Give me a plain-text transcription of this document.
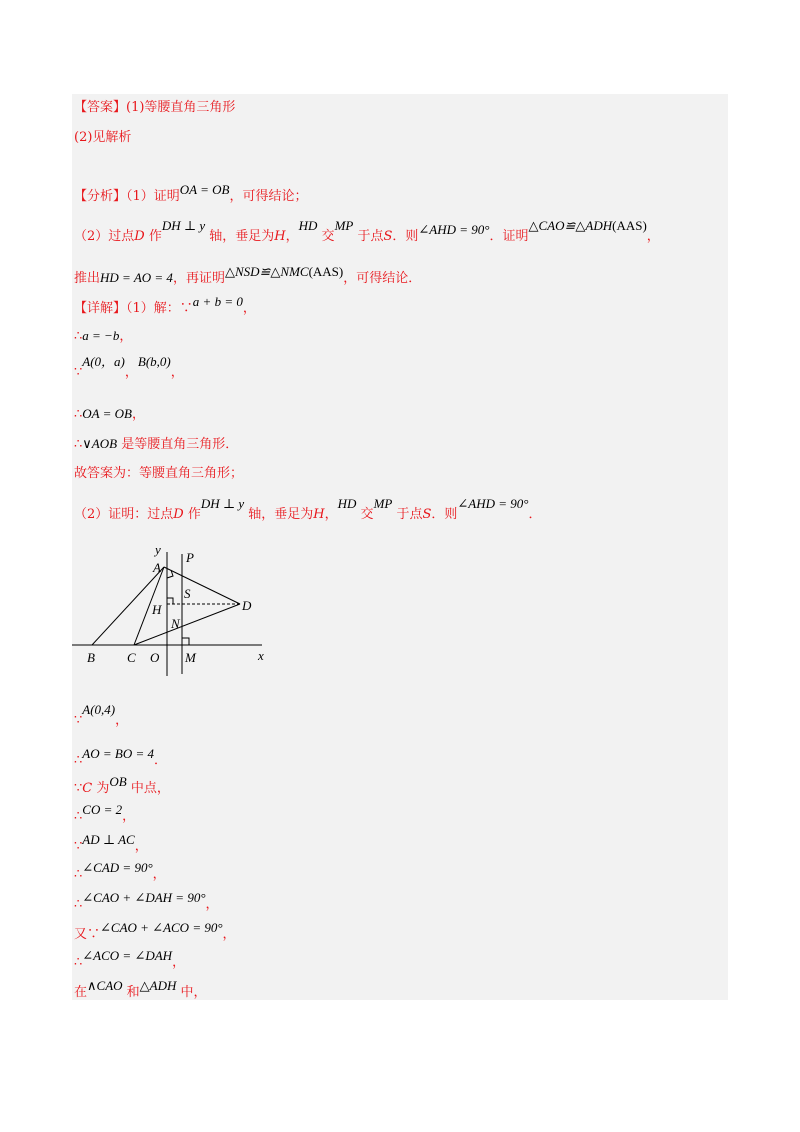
【答案】(1)等腰直角三角形
(2)见解析
【分析】（1）证明OA = OB，可得结论；
（2）过点D 作DH ⊥ y 轴，垂足为H，HD 交MP 于点S．则∠AHD = 90°．证明△CAO≌△ADH(AAS)，
推出HD = AO = 4，再证明△NSD≌△NMC(AAS)，可得结论．
【详解】（1）解：∵a + b = 0，
∴a = −b，
∵A(0，a)，B(b,0)，
∴OA = OB，
∴∨AOB 是等腰直角三角形．
故答案为：等腰直角三角形；
（2）证明：过点D 作DH ⊥ y 轴，垂足为H，HD 交MP 于点S．则∠AHD = 90°．
y
P
A
S
H	D
N
B C O M	x
∵A(0,4)，
∴AO = BO = 4．
∵C 为OB 中点，
∴CO = 2，
∵AD ⊥ AC，
∴∠CAD = 90°，
∴∠CAO + ∠DAH = 90°，
又∵∠CAO + ∠ACO = 90°，
∴∠ACO = ∠DAH，
在∧CAO 和△ADH 中，
